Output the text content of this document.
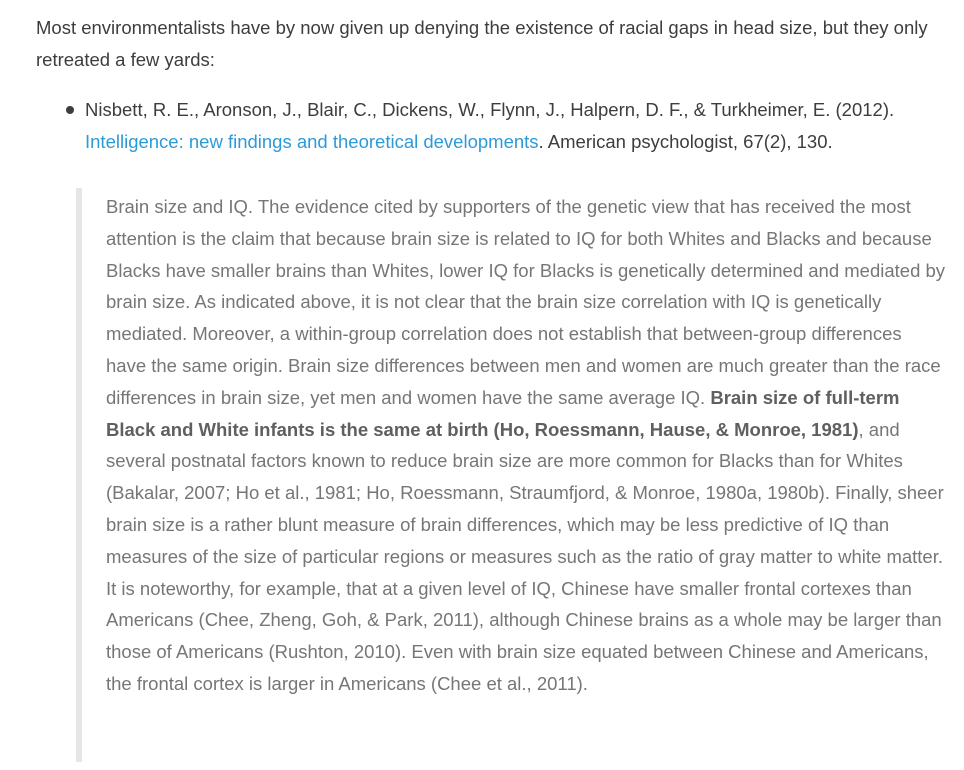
Most environmentalists have by now given up denying the existence of racial gaps in head size, but they only retreated a few yards:

Nisbett, R. E., Aronson, J., Blair, C., Dickens, W., Flynn, J., Halpern, D. F., & Turkheimer, E. (2012). Intelligence: new findings and theoretical developments. American psychologist, 67(2), 130.

Brain size and IQ. The evidence cited by supporters of the genetic view that has received the most attention is the claim that because brain size is related to IQ for both Whites and Blacks and because Blacks have smaller brains than Whites, lower IQ for Blacks is genetically determined and mediated by brain size. As indicated above, it is not clear that the brain size correlation with IQ is genetically mediated. Moreover, a within-group correlation does not establish that between-group differences have the same origin. Brain size differences between men and women are much greater than the race differences in brain size, yet men and women have the same average IQ. Brain size of full-term Black and White infants is the same at birth (Ho, Roessmann, Hause, & Monroe, 1981), and several postnatal factors known to reduce brain size are more common for Blacks than for Whites (Bakalar, 2007; Ho et al., 1981; Ho, Roessmann, Straumfjord, & Monroe, 1980a, 1980b). Finally, sheer brain size is a rather blunt measure of brain differences, which may be less predictive of IQ than measures of the size of particular regions or measures such as the ratio of gray matter to white matter. It is noteworthy, for example, that at a given level of IQ, Chinese have smaller frontal cortexes than Americans (Chee, Zheng, Goh, & Park, 2011), although Chinese brains as a whole may be larger than those of Americans (Rushton, 2010). Even with brain size equated between Chinese and Americans, the frontal cortex is larger in Americans (Chee et al., 2011).
